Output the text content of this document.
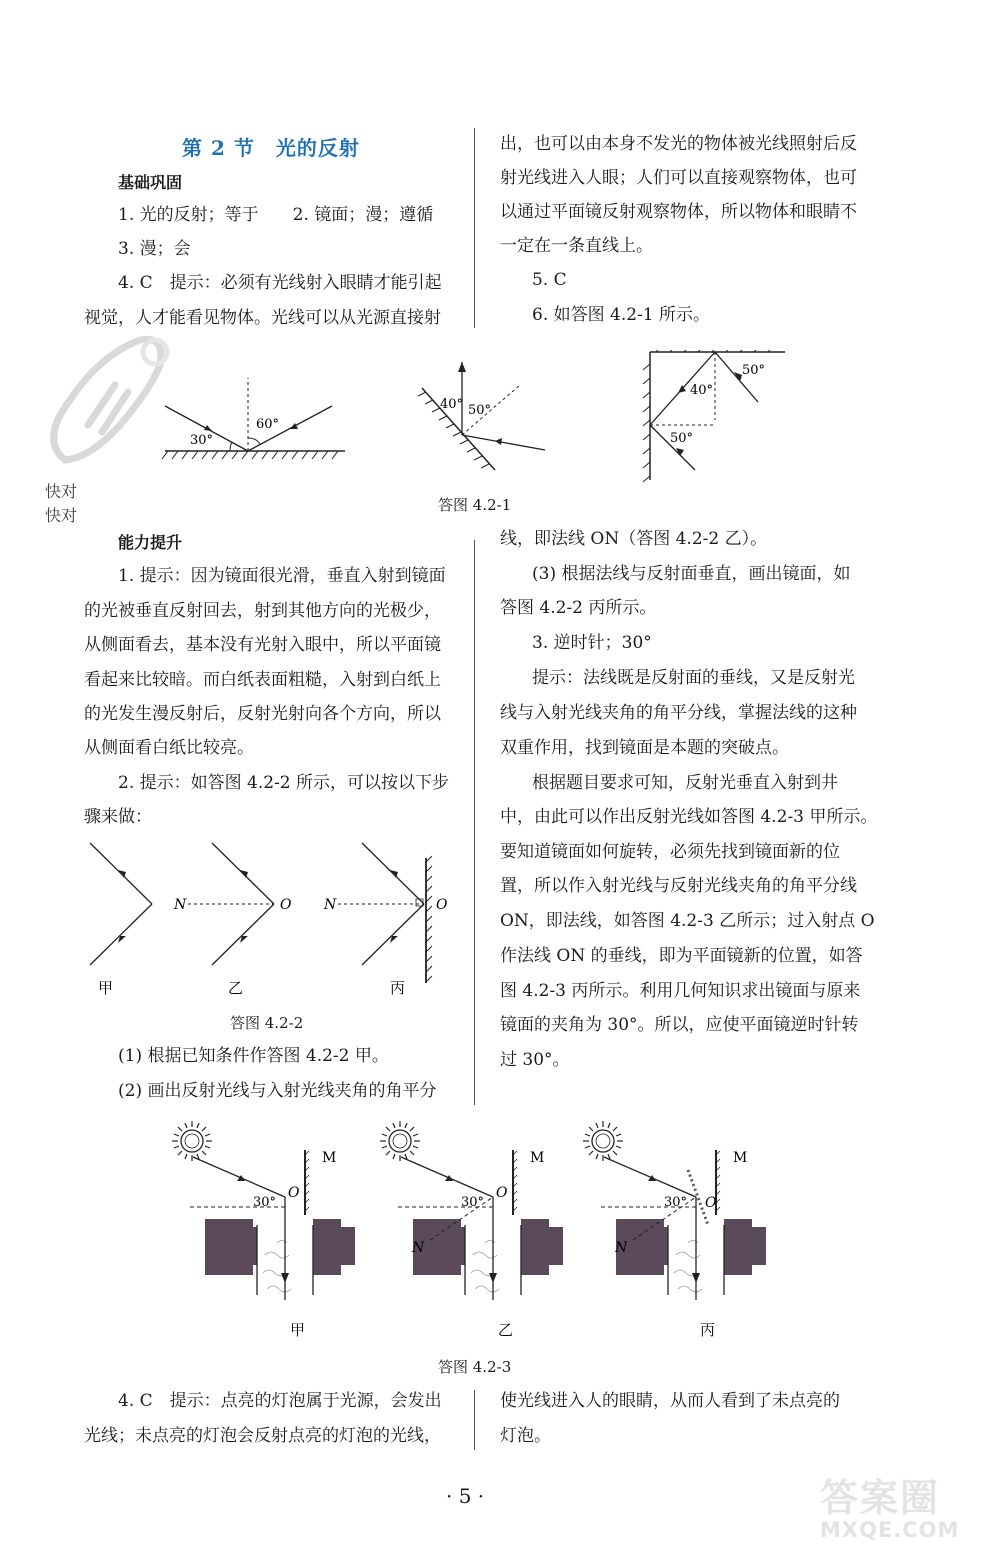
第 2 节　光的反射
基础巩固
1. 光的反射；等于　　2. 镜面；漫；遵循
3. 漫；会
4. C　提示：必须有光线射入眼睛才能引起
视觉，人才能看见物体。光线可以从光源直接射
出，也可以由本身不发光的物体被光线照射后反
射光线进入人眼；人们可以直接观察物体，也可
以通过平面镜反射观察物体，所以物体和眼睛不
一定在一条直线上。
5. C
6. 如答图 4.2-1 所示。
快对
快对
30°
60°
40° 50°
50°
40°
50°
答图 4.2-1
能力提升
1. 提示：因为镜面很光滑，垂直入射到镜面
的光被垂直反射回去，射到其他方向的光极少，
从侧面看去，基本没有光射入眼中，所以平面镜
看起来比较暗。而白纸表面粗糙，入射到白纸上
的光发生漫反射后，反射光射向各个方向，所以
从侧面看白纸比较亮。
2. 提示：如答图 4.2-2 所示，可以按以下步
骤来做：
甲
N	O
乙
N	O
丙
答图 4.2-2
(1) 根据已知条件作答图 4.2-2 甲。
(2) 画出反射光线与入射光线夹角的角平分
线，即法线 ON（答图 4.2-2 乙）。
(3) 根据法线与反射面垂直，画出镜面，如
答图 4.2-2 丙所示。
3. 逆时针；30°
提示：法线既是反射面的垂线，又是反射光
线与入射光线夹角的角平分线，掌握法线的这种
双重作用，找到镜面是本题的突破点。
根据题目要求可知，反射光垂直入射到井
中，由此可以作出反射光线如答图 4.2-3 甲所示。
要知道镜面如何旋转，必须先找到镜面新的位
置，所以作入射光线与反射光线夹角的角平分线
ON，即法线，如答图 4.2-3 乙所示；过入射点 O
作法线 ON 的垂线，即为平面镜新的位置，如答
图 4.2-3 丙所示。利用几何知识求出镜面与原来
镜面的夹角为 30°。所以，应使平面镜逆时针转
过 30°。
M
O
30°
甲
M
O
N
30°
乙
M
O
N
30°
丙
答图 4.2-3
4. C　提示：点亮的灯泡属于光源，会发出
光线；未点亮的灯泡会反射点亮的灯泡的光线，
使光线进入人的眼睛，从而人看到了未点亮的
灯泡。
· 5 ·	答案圈
MXQE.COM
